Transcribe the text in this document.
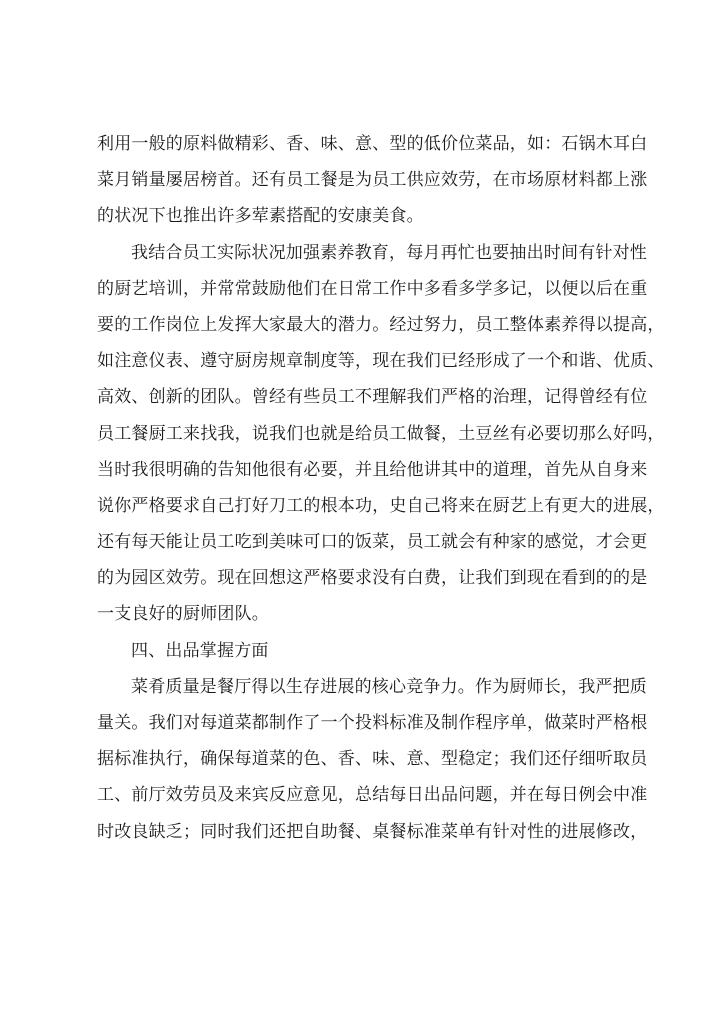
利用一般的原料做精彩、香、味、意、型的低价位菜品，如：石锅木耳白
菜月销量屡居榜首。还有员工餐是为员工供应效劳，在市场原材料都上涨
的状况下也推出许多荤素搭配的安康美食。
我结合员工实际状况加强素养教育，每月再忙也要抽出时间有针对性
的厨艺培训，并常常鼓励他们在日常工作中多看多学多记，以便以后在重
要的工作岗位上发挥大家最大的潜力。经过努力，员工整体素养得以提高，
如注意仪表、遵守厨房规章制度等，现在我们已经形成了一个和谐、优质、
高效、创新的团队。曾经有些员工不理解我们严格的治理，记得曾经有位
员工餐厨工来找我，说我们也就是给员工做餐，土豆丝有必要切那么好吗，
当时我很明确的告知他很有必要，并且给他讲其中的道理，首先从自身来
说你严格要求自己打好刀工的根本功，史自己将来在厨艺上有更大的进展，
还有每天能让员工吃到美味可口的饭菜，员工就会有种家的感觉，才会更
的为园区效劳。现在回想这严格要求没有白费，让我们到现在看到的的是
一支良好的厨师团队。
四、出品掌握方面
菜肴质量是餐厅得以生存进展的核心竞争力。作为厨师长，我严把质
量关。我们对每道菜都制作了一个投料标准及制作程序单，做菜时严格根
据标准执行，确保每道菜的色、香、味、意、型稳定；我们还仔细听取员
工、前厅效劳员及来宾反应意见，总结每日出品问题，并在每日例会中准
时改良缺乏；同时我们还把自助餐、桌餐标准菜单有针对性的进展修改，
